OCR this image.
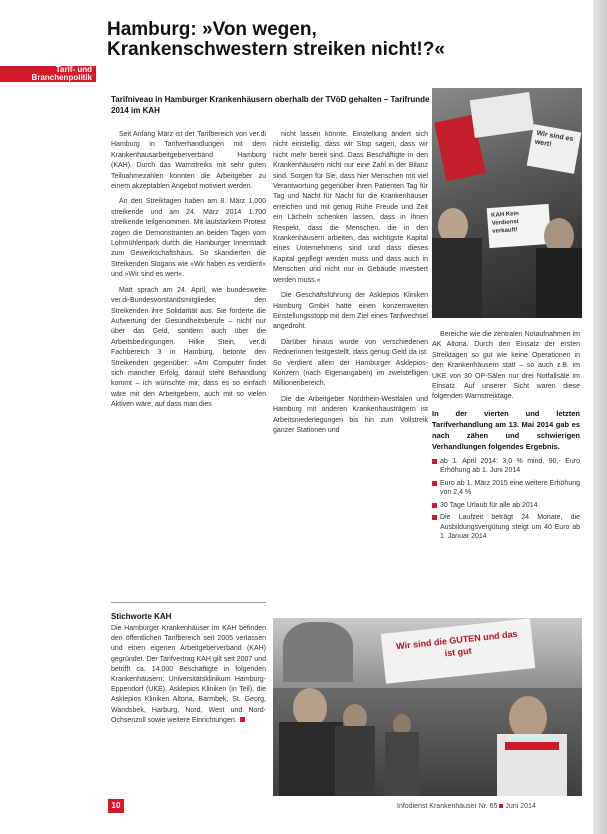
Hamburg: »Von wegen,
Krankenschwestern streiken nicht!?«
Tarif- und
Branchenpolitik
Tarifniveau in Hamburger Krankenhäusern oberhalb der TVöD gehalten – Tarifrunde 2014 im KAH

Seit Anfang März ist der Tarifbereich von ver.di Hamburg in Tarifverhandlungen mit dem Krankenhausarbeitgeberverband Hamburg (KAH). Durch das Warnstreiks mit sehr guten Teilnahmezahlen konnten die Arbeitgeber zu einem akzeptablen Angebot motiviert werden.

An den Streiktagen haben am 8. März 1.000 streikende und am 24. März 2014 1.700 streikende teilgenommen. Mit lautstarkem Protest zogen die Demonstranten an beiden Tagen vom Lohmühlenpark durch die Hamburger Innenstadt zum Gewerkschaftshaus. So skandierten die Streikenden Slogans wie »Wir haben es verdient« und »Wir sind es wert«.

Matt sprach am 24. April, wie bundesweite ver.di-Bundesvorstandsmitglieder, den Streikenden ihre Solidarität aus. Sie forderte die Aufwertung der Gesundheitsberufe – nicht nur über das Geld, sondern auch über die Arbeitsbedingungen. Hilke Stein, ver.di Fachbereich 3 in Hamburg, betonte den Streikenden gegenüber: »Am Computer findet sich mancher Erfolg, darauf steht Behandlung kommt – ich wünschte mir, dass es so einfach wäre mit den Arbeitgebern, auch mit so vielen Aktiven wäre, auf dass man dies

nicht lassen könnte. Einstellung ändert sich nicht einstellig, dass wir Stop sagen, dass wir nicht mehr bereit sind. Dass Beschäftigte in den Krankenhäusern nicht nur eine Zahl in der Bilanz sind. Sorgen für Sie, dass hier Menschen mit viel Verantwortung gegenüber ihren Patienten Tag für Tag und Nacht für Nacht für die Krankenhäuser erreichen und mit genug Ruhe Freude und Zeit ein Lächeln schenken lassen, dass in ihnen Respekt, dass die Menschen, die in den Krankenhäusern arbeiten, das wichtigste Kapital eines Unternehmens sind und dass dieses Kapital gepflegt werden muss und dass auch in Menschen und nicht nur in Gebäude investiert werden muss.«

Die Geschäftsführung der Asklepios Kliniken Hamburg GmbH hatte einen konzernweiten Einstellungsstopp mit dem Ziel eines Tarifwechsel angedroht.

Darüber hinaus wurde von verschiedenen Rednerinnen festgestellt, dass genug Geld da ist. So verdient allein der Hamburger Asklepios-Konzern (nach Eigenangaben) im zweistelligen Millionenbereich.

Die die Arbeitgeber Nordrhein-Westfalen und Hamburg mit anderen Krankenhausträgern ist Arbeitsniederlegungen bis hin zum Vollstreik ganzer Stationen und

Wir sind es wert!
KAH Kein Verdienst verkauft!

Bereiche wie die zentralen Notaufnahmen im AK Altona. Durch den Einsatz der ersten Streiktagen so gut wie keine Operationen in den Krankenhäusern statt – so auch z.B. im UKE von 30 OP-Sälen nur drei Notfallsäle im Einsatz. Auf unserer Sicht waren diese folgenden Warnstreiktage.

In der vierten und letzten Tarifverhandlung am 13. Mai 2014 gab es nach zähen und schwierigen Verhandlungen folgendes Ergebnis.

ab 1. April 2014: 3,0 % mind. 90,- Euro Erhöhung ab 1. Juni 2014
Euro ab 1. März 2015 eine weitere Erhöhung von 2,4 %
30 Tage Urlaub für alle ab 2014
Die Laufzeit beträgt 24 Monate, die Ausbildungsvergütung steigt um 40 Euro ab 1. Januar 2014
Stichworte KAH
Die Hamburger Krankenhäuser im KAH befinden den öffentlichen Tarifbereich seit 2005 verlassen und einen eigenen Arbeitgeberverband (KAH) gegründet. Der Tarifvertrag KAH gilt seit 2007 und betrifft ca. 14.000 Beschäftigte in folgenden Krankenhäusern: Universitätsklinikum Hamburg-Eppendorf (UKE), Asklepios Kliniken (in Teil), die Asklepios Kliniken Altona, Barmbek, St. Georg, Wandsbek, Harburg, Nord, West und Nord-Ochsenzoll sowie weitere Einrichtungen.
Wir sind die GUTEN und das ist gut
10	Infodienst Krankenhäuser Nr. 65 Juni 2014
